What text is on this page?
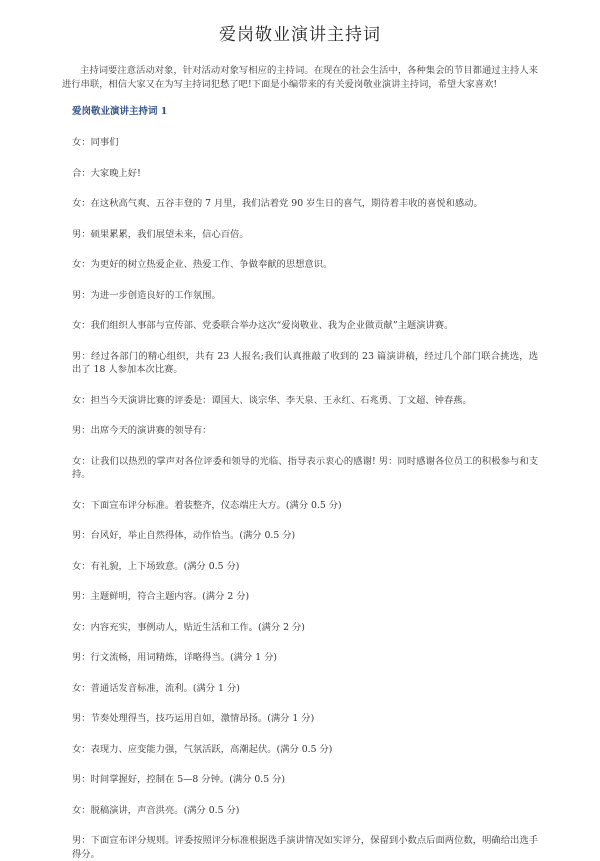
爱岗敬业演讲主持词

主持词要注意活动对象，针对活动对象写相应的主持词。在现在的社会生活中，各种集会的节目都通过主持人来进行串联，相信大家又在为写主持词犯愁了吧!下面是小编带来的有关爱岗敬业演讲主持词，希望大家喜欢!

爱岗敬业演讲主持词 1

女：同事们

合：大家晚上好!

女：在这秋高气爽、五谷丰登的 7 月里，我们沾着党 90 岁生日的喜气，期待着丰收的喜悦和感动。

男：硕果累累，我们展望未来，信心百倍。

女：为更好的树立热爱企业、热爱工作、争做奉献的思想意识。

男：为进一步创造良好的工作氛围。

女：我们组织人事部与宣传部、党委联合举办这次“爱岗敬业、我为企业做贡献”主题演讲赛。

男：经过各部门的精心组织，共有 23 人报名;我们认真推敲了收到的 23 篇演讲稿，经过几个部门联合挑选，选出了 18 人参加本次比赛。

女：担当今天演讲比赛的评委是：谭国大、谈宗华、李天泉、王永红、石兆勇、丁文超、钟春燕。

男：出席今天的演讲赛的领导有：

女：让我们以热烈的掌声对各位评委和领导的光临、指导表示衷心的感谢! 男：同时感谢各位员工的积极参与和支持。

女：下面宣布评分标准。着装整齐，仪态端庄大方。(满分 0.5 分)

男：台风好，举止自然得体，动作恰当。(满分 0.5 分)

女：有礼貌，上下场致意。(满分 0.5 分)

男：主题鲜明，符合主题内容。(满分 2 分)

女：内容充实，事例动人，贴近生活和工作。(满分 2 分)

男：行文流畅，用词精炼，详略得当。(满分 1 分)

女：普通话发音标准，流利。(满分 1 分)

男：节奏处理得当，技巧运用自如，激情昂扬。(满分 1 分)

女：表现力、应变能力强，气氛活跃，高潮起伏。(满分 0.5 分)

男：时间掌握好，控制在 5—8 分钟。(满分 0.5 分)

女：脱稿演讲，声音洪亮。(满分 0.5 分)

男：下面宣布评分规则。评委按照评分标准根据选手演讲情况如实评分，保留到小数点后面两位数，明确给出选手得分。
